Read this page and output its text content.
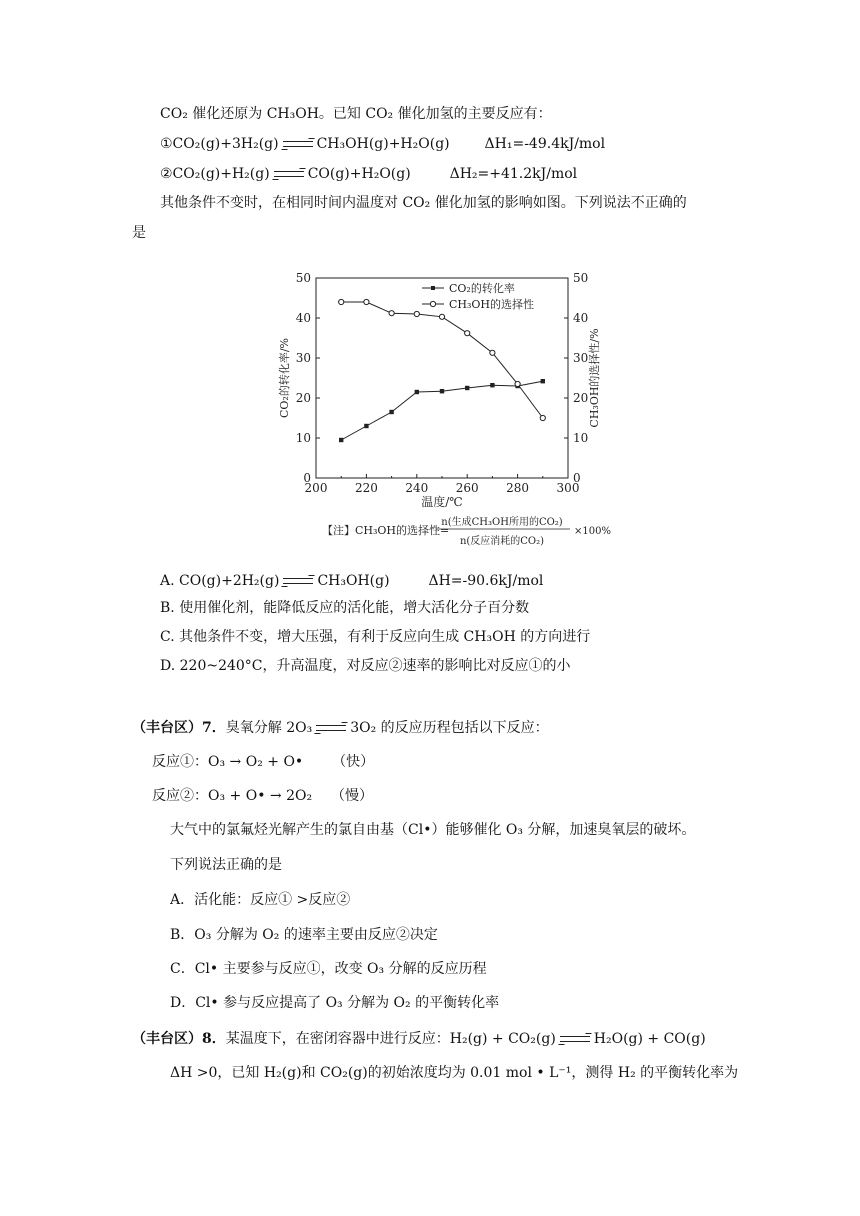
CO₂ 催化还原为 CH₃OH。已知 CO₂ 催化加氢的主要反应有：
①CO₂(g)+3H₂(g) → CH₃OH(g)+H₂O(g) ΔH₁=-49.4kJ/mol
②CO₂(g)+H₂(g) → CO(g)+H₂O(g)	ΔH₂=+41.2kJ/mol
其他条件不变时，在相同时间内温度对 CO₂ 催化加氢的影响如图。下列说法不正确的
是
200 220 240 260 280 300
0	0
10	10
20	20
30	30
40	40
50	50
温度/℃
CO₂的转化率/%	CH₃OH的选择性/%
CO₂的转化率
CH₃OH的选择性
【注】CH₃OH的选择性=
n(生成CH₃OH所用的CO₂)
n(反应消耗的CO₂)
×100%
A. CO(g)+2H₂(g) → CH₃OH(g)	ΔH=-90.6kJ/mol
B. 使用催化剂，能降低反应的活化能，增大活化分子百分数
C. 其他条件不变，增大压强，有利于反应向生成 CH₃OH 的方向进行
D. 220~240°C，升高温度，对反应②速率的影响比对反应①的小
（丰台区）7．臭氧分解 2O₃ → 3O₂ 的反应历程包括以下反应：
反应①：O₃ → O₂ + O• （快）
反应②：O₃ + O• → 2O₂ （慢）
大气中的氯氟烃光解产生的氯自由基（Cl•）能够催化 O₃ 分解，加速臭氧层的破坏。
下列说法正确的是
A．活化能：反应① >反应②
B．O₃ 分解为 O₂ 的速率主要由反应②决定
C．Cl• 主要参与反应①，改变 O₃ 分解的反应历程
D．Cl• 参与反应提高了 O₃ 分解为 O₂ 的平衡转化率
（丰台区）8．某温度下，在密闭容器中进行反应：H₂(g) + CO₂(g) → H₂O(g) + CO(g)
ΔH >0，已知 H₂(g)和 CO₂(g)的初始浓度均为 0.01 mol • L⁻¹，测得 H₂ 的平衡转化率为
